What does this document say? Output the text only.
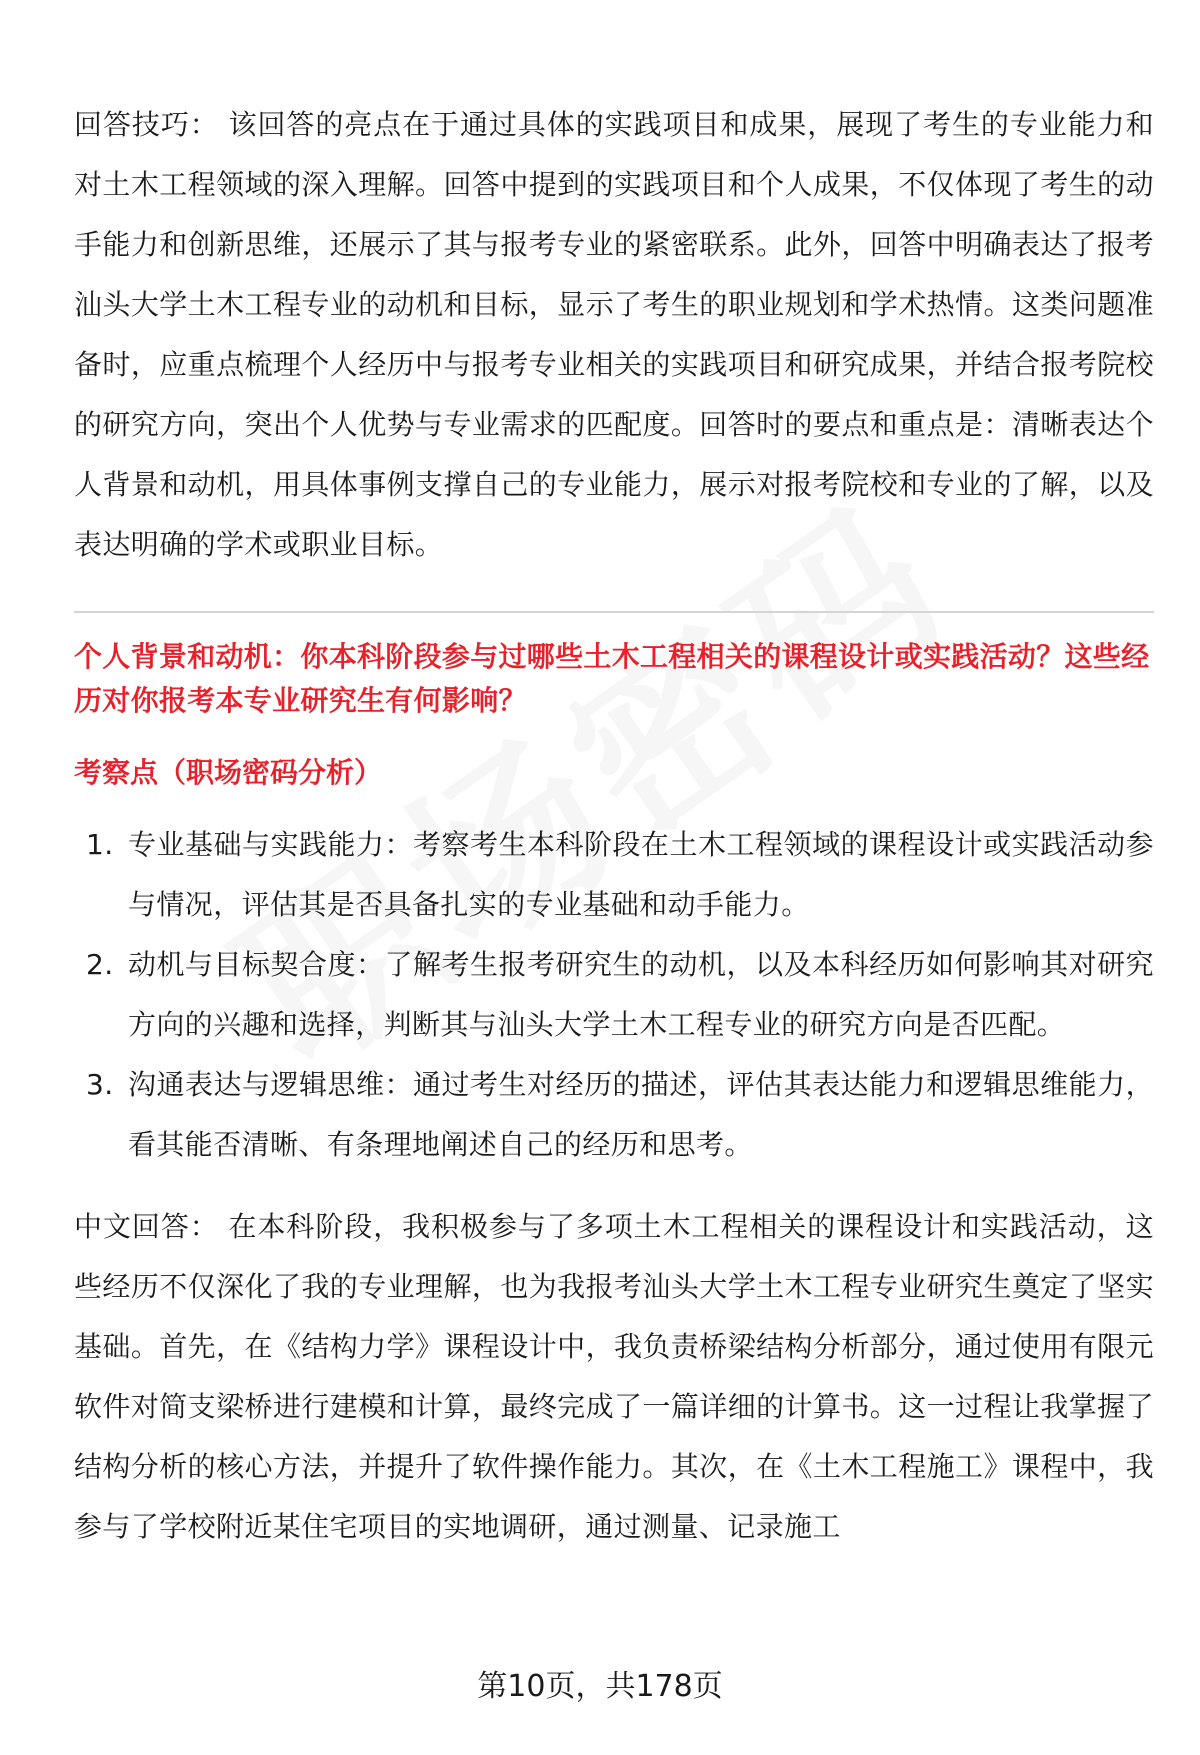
回答技巧： 该回答的亮点在于通过具体的实践项目和成果，展现了考生的专业能力和对土木工程领域的深入理解。回答中提到的实践项目和个人成果，不仅体现了考生的动手能力和创新思维，还展示了其与报考专业的紧密联系。此外，回答中明确表达了报考汕头大学土木工程专业的动机和目标，显示了考生的职业规划和学术热情。这类问题准备时，应重点梳理个人经历中与报考专业相关的实践项目和研究成果，并结合报考院校的研究方向，突出个人优势与专业需求的匹配度。回答时的要点和重点是：清晰表达个人背景和动机，用具体事例支撑自己的专业能力，展示对报考院校和专业的了解，以及表达明确的学术或职业目标。

个人背景和动机：你本科阶段参与过哪些土木工程相关的课程设计或实践活动？这些经历对你报考本专业研究生有何影响？

考察点（职场密码分析）

1. 专业基础与实践能力：考察考生本科阶段在土木工程领域的课程设计或实践活动参与情况，评估其是否具备扎实的专业基础和动手能力。
2. 动机与目标契合度：了解考生报考研究生的动机，以及本科经历如何影响其对研究方向的兴趣和选择，判断其与汕头大学土木工程专业的研究方向是否匹配。
3. 沟通表达与逻辑思维：通过考生对经历的描述，评估其表达能力和逻辑思维能力，看其能否清晰、有条理地阐述自己的经历和思考。

中文回答： 在本科阶段，我积极参与了多项土木工程相关的课程设计和实践活动，这些经历不仅深化了我的专业理解，也为我报考汕头大学土木工程专业研究生奠定了坚实基础。首先，在《结构力学》课程设计中，我负责桥梁结构分析部分，通过使用有限元软件对简支梁桥进行建模和计算，最终完成了一篇详细的计算书。这一过程让我掌握了结构分析的核心方法，并提升了软件操作能力。其次，在《土木工程施工》课程中，我参与了学校附近某住宅项目的实地调研，通过测量、记录施工

第10页，共178页
